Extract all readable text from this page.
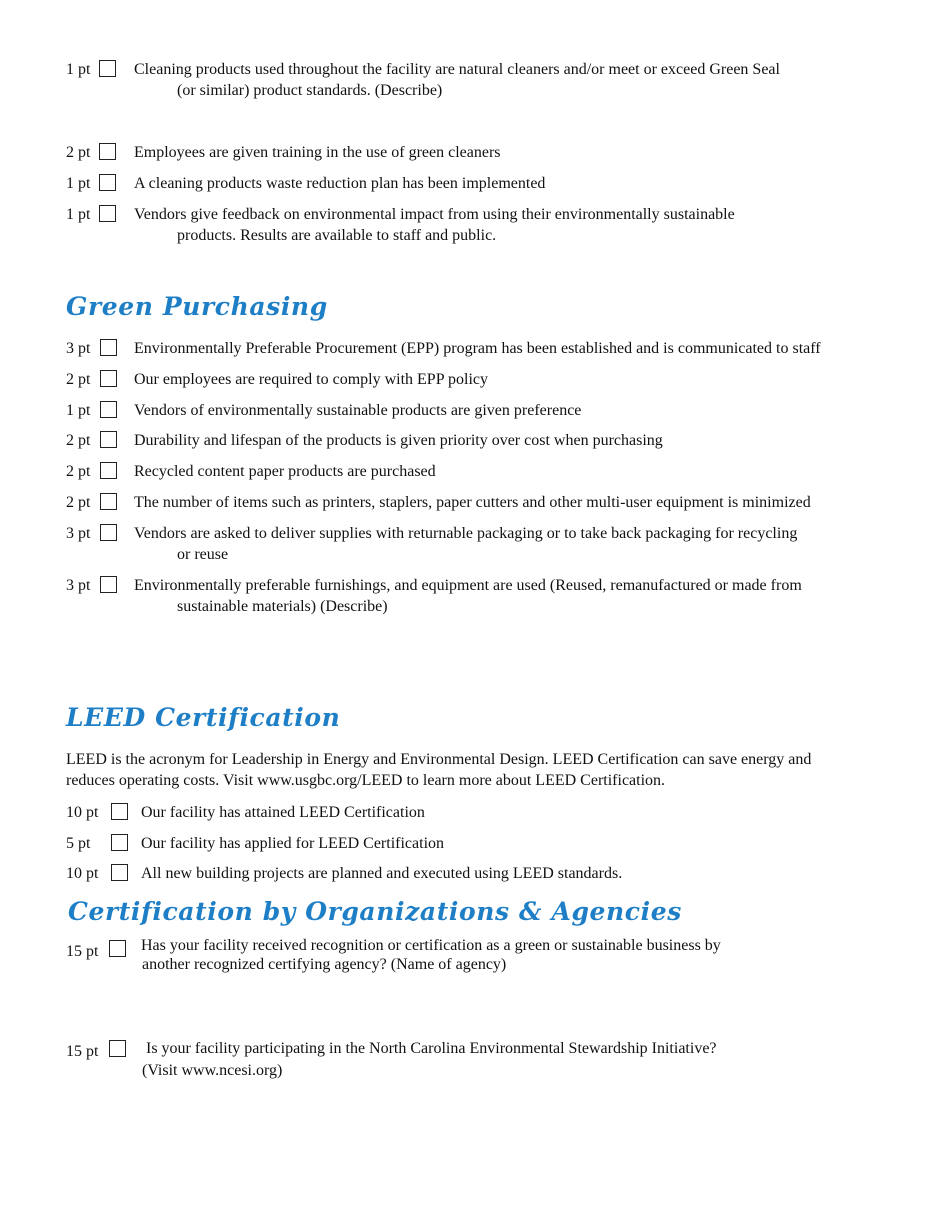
1 pt	Cleaning products used throughout the facility are natural cleaners and/or meet or exceed Green Seal
(or similar) product standards. (Describe)
2 pt	Employees are given training in the use of green cleaners
1 pt	A cleaning products waste reduction plan has been implemented
1 pt	Vendors give feedback on environmental impact from using their environmentally sustainable
products. Results are available to staff and public.
Green Purchasing
3 pt	Environmentally Preferable Procurement (EPP) program has been established and is communicated to staff
2 pt	Our employees are required to comply with EPP policy
1 pt	Vendors of environmentally sustainable products are given preference
2 pt	Durability and lifespan of the products is given priority over cost when purchasing
2 pt	Recycled content paper products are purchased
2 pt	The number of items such as printers, staplers, paper cutters and other multi-user equipment is minimized
3 pt	Vendors are asked to deliver supplies with returnable packaging or to take back packaging for recycling
or reuse
3 pt	Environmentally preferable furnishings, and equipment are used (Reused, remanufactured or made from
sustainable materials) (Describe)
LEED Certification
LEED is the acronym for Leadership in Energy and Environmental Design. LEED Certification can save energy and
reduces operating costs. Visit www.usgbc.org/LEED to learn more about LEED Certification.
10 pt	Our facility has attained LEED Certification
5 pt	Our facility has applied for LEED Certification
10 pt	All new building projects are planned and executed using LEED standards.
Certification by Organizations & Agencies
15 pt	Has your facility received recognition or certification as a green or sustainable business by
another recognized certifying agency? (Name of agency)
15 pt	Is your facility participating in the North Carolina Environmental Stewardship Initiative?
(Visit www.ncesi.org)
